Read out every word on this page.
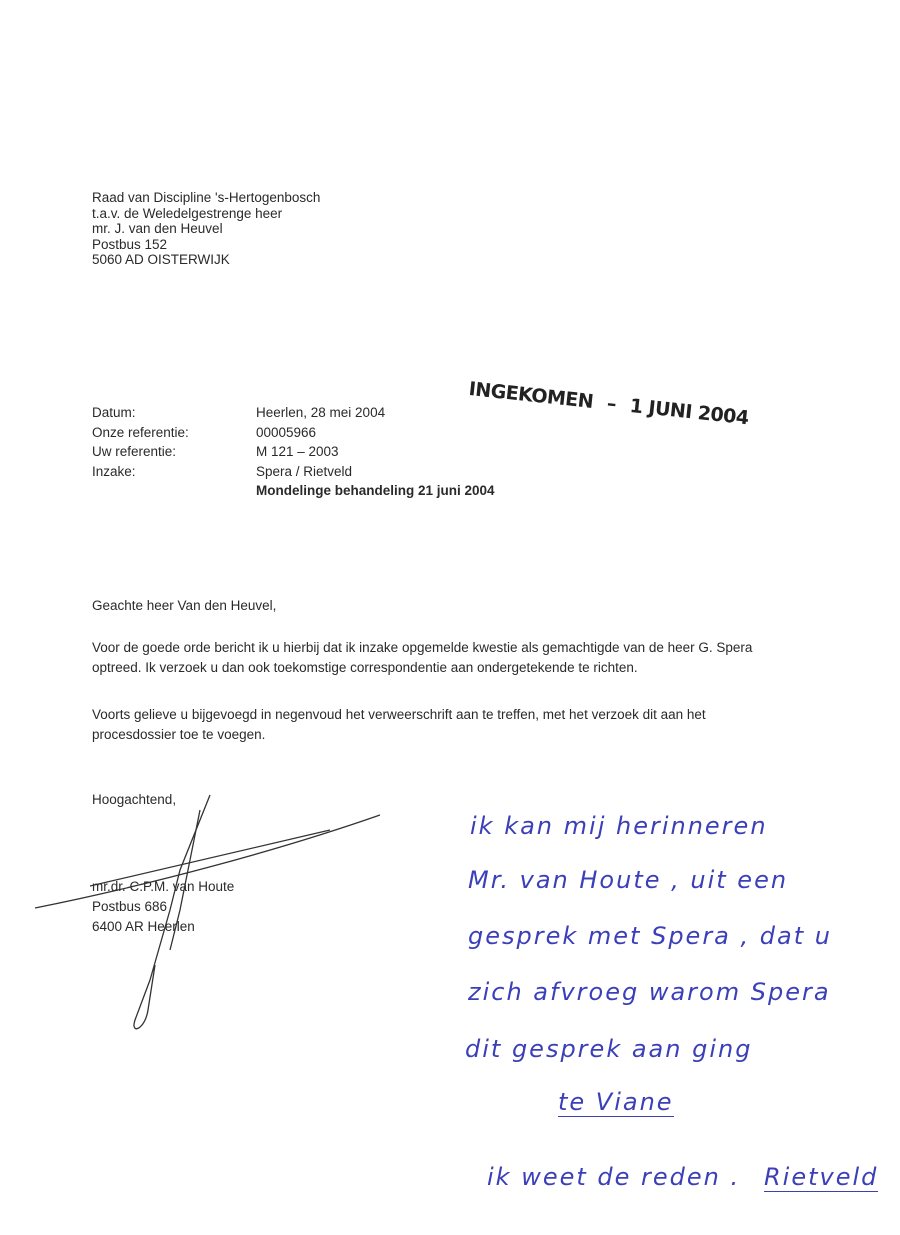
Raad van Discipline 's-Hertogenbosch
t.a.v. de Weledelgestrenge heer
mr. J. van den Heuvel
Postbus 152
5060 AD OISTERWIJK
INGEKOMEN – 1 JUNI 2004
Datum:	Heerlen, 28 mei 2004
Onze referentie:	00005966
Uw referentie:	M 121 – 2003
Inzake:	Spera / Rietveld
Mondelinge behandeling 21 juni 2004
Geachte heer Van den Heuvel,
Voor de goede orde bericht ik u hierbij dat ik inzake opgemelde kwestie als gemachtigde van de heer G. Spera optreed. Ik verzoek u dan ook toekomstige correspondentie aan ondergetekende te richten.
Voorts gelieve u bijgevoegd in negenvoud het verweerschrift aan te treffen, met het verzoek dit aan het procesdossier toe te voegen.
Hoogachtend,
mr.dr. C.P.M. van Houte
Postbus 686
6400 AR Heerlen
ik kan mij herinneren
Mr. van Houte , uit een
gesprek met Spera , dat u
zich afvroeg warom Spera
dit gesprek aan ging
te Viane
ik weet de reden . Rietveld
